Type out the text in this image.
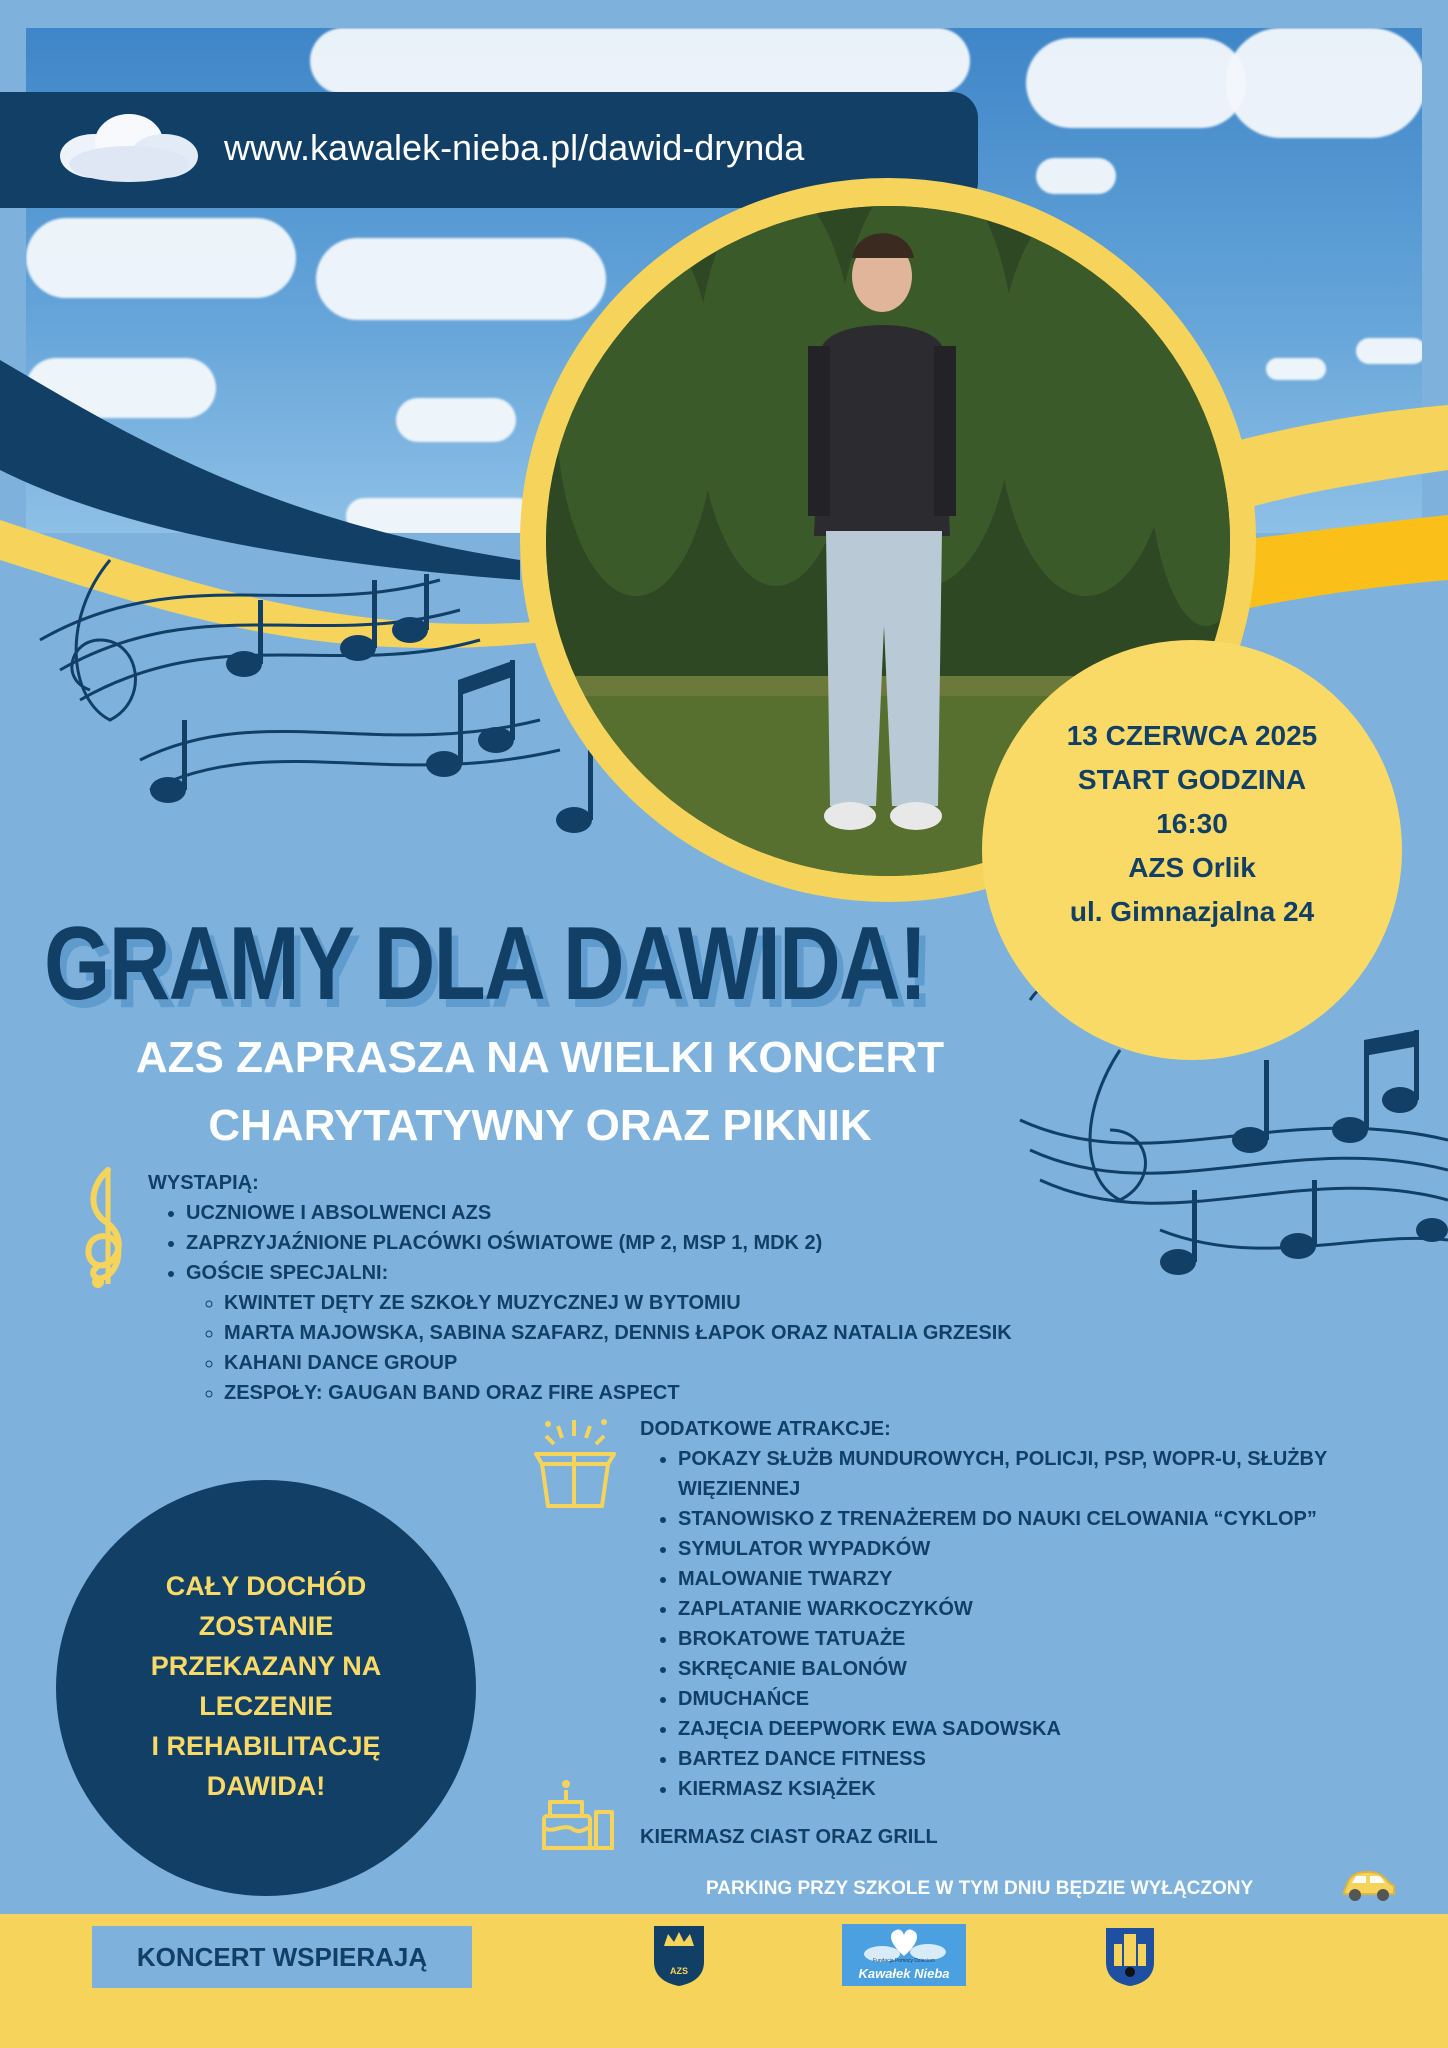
www.kawalek-nieba.pl/dawid-drynda
13 CZERWCA 2025
START GODZINA
16:30
AZS Orlik
ul. Gimnazjalna 24
GRAMY DLA DAWIDA!
AZS ZAPRASZA NA WIELKI KONCERT
CHARYTATYWNY ORAZ PIKNIK
WYSTAPIĄ:
• UCZNIOWE I ABSOLWENCI AZS
• ZAPRZYJAŹNIONE PLACÓWKI OŚWIATOWE (MP 2, MSP 1, MDK 2)
• GOŚCIE SPECJALNI:
◦ KWINTET DĘTY ZE SZKOŁY MUZYCZNEJ W BYTOMIU
◦ MARTA MAJOWSKA, SABINA SZAFARZ, DENNIS ŁAPOK ORAZ NATALIA GRZESIK
◦ KAHANI DANCE GROUP
◦ ZESPOŁY: GAUGAN BAND ORAZ FIRE ASPECT
DODATKOWE ATRAKCJE:
• POKAZY SŁUŻB MUNDUROWYCH, POLICJI, PSP, WOPR-U, SŁUŻBY WIĘZIENNEJ
• STANOWISKO Z TRENAŻEREM DO NAUKI CELOWANIA “CYKLOP”
• SYMULATOR WYPADKÓW
• MALOWANIE TWARZY
• ZAPLATANIE WARKOCZYKÓW
• BROKATOWE TATUAŻE
• SKRĘCANIE BALONÓW
• DMUCHAŃCE
• ZAJĘCIA DEEPWORK EWA SADOWSKA
• BARTEZ DANCE FITNESS
• KIERMASZ KSIĄŻEK
KIERMASZ CIAST ORAZ GRILL
CAŁY DOCHÓD
ZOSTANIE
PRZEKAZANY NA
LECZENIE
I REHABILITACJĘ
DAWIDA!
PARKING PRZY SZKOLE W TYM DNIU BĘDZIE WYŁĄCZONY
KONCERT WSPIERAJĄ	AZS
Fundacja Pomocy Dzieciom
Kawałek Nieba
